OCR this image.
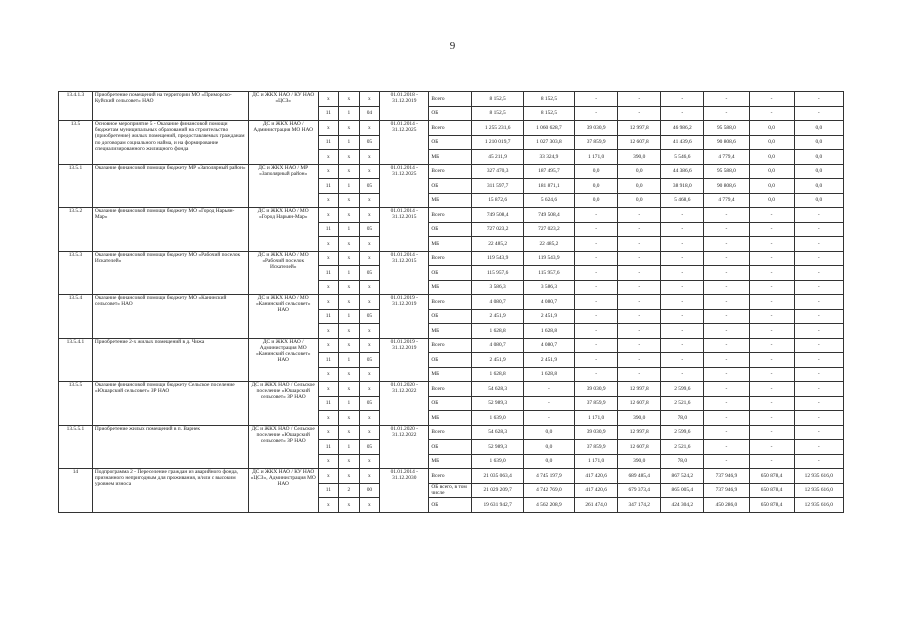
9
13.4.1.3	Приобретение помещений на территории МО «Приморско-Куйский сельсовет» НАО	ДС и ЖКХ НАО / КУ НАО «ЦСЗ»	x	x	x	01.01.2018 - 31.12.2019	Всего	8 152,5	8 152,5	-	-	-	-	-	-
			11	1	04		ОБ	8 152,5	8 152,5	-	-	-	-	-	-
13.5	Основное мероприятие 5 - Оказание финансовой помощи бюджетам муниципальных образований на строительство (приобретение) жилых помещений, предоставляемых гражданам по договорам социального найма, и на формирование специализированного жилищного фонда	ДС и ЖКХ НАО / Администрация МО НАО	x	x	x	01.01.2014 - 31.12.2025	Всего	1 255 231,6	1 060 628,7	39 030,9	12 997,8	46 986,2	95 588,0	0,0	0,0
			11	1	05		ОБ	1 210 019,7	1 027 303,8	37 859,9	12 607,8	41 439,6	90 808,6	0,0	0,0
			x	x	x		МБ	45 211,9	33 324,9	1 171,0	390,0	5 546,6	4 779,4	0,0	0,0
13.5.1	Оказание финансовой помощи бюджету МР «Заполярный район»	ДС и ЖКХ НАО / МР «Заполярный район»	x	x	x	01.01.2014 - 31.12.2025	Всего	327 470,3	187 495,7	0,0	0,0	44 386,6	95 588,0	0,0	0,0
			11	1	05		ОБ	311 597,7	181 871,1	0,0	0,0	38 918,0	90 808,6	0,0	0,0
			x	x	x		МБ	15 872,6	5 624,6	0,0	0,0	5 468,6	4 779,4	0,0	0,0
13.5.2	Оказание финансовой помощи бюджету МО «Город Нарьян-Мар»	ДС и ЖКХ НАО / МО «Город Нарьян-Мар»	x	x	x	01.01.2014 - 31.12.2015	Всего	749 508,4	749 508,4	-	-	-	-	-	-
			11	1	05		ОБ	727 023,2	727 023,2	-	-	-	-	-	-
			x	x	x		МБ	22 485,2	22 485,2	-	-	-	-	-	-
13.5.3	Оказание финансовой помощи бюджету МО «Рабочий поселок Искателей»	ДС и ЖКХ НАО / МО «Рабочий поселок Искателей»	x	x	x	01.01.2014 - 31.12.2015	Всего	119 543,9	119 543,9	-	-	-	-	-	-
			11	1	05		ОБ	115 957,6	115 957,6	-	-	-	-	-	-
			x	x	x		МБ	3 586,3	3 586,3	-	-	-	-	-	-
13.5.4	Оказание финансовой помощи бюджету МО «Канинский сельсовет» НАО	ДС и ЖКХ НАО / МО «Канинский сельсовет» НАО	x	x	x	01.01.2019 - 31.12.2019	Всего	4 080,7	4 080,7	-	-	-	-	-	-
			11	1	05		ОБ	2 451,9	2 451,9	-	-	-	-	-	-
			x	x	x		МБ	1 628,8	1 628,8	-	-	-	-	-	-
13.5.4.1	Приобретение 2-х жилых помещений в д. Чижа	ДС и ЖКХ НАО / Администрация МО «Канинский сельсовет» НАО	x	x	x	01.01.2019 - 31.12.2019	Всего	4 080,7	4 080,7	-	-	-	-	-	-
			11	1	05		ОБ	2 451,9	2 451,9	-	-	-	-	-	-
			x	x	x		МБ	1 628,8	1 628,8	-	-	-	-	-	-
13.5.5	Оказание финансовой помощи бюджету Сельское поселение «Юшарский сельсовет» ЗР НАО	ДС и ЖКХ НАО / Сельское поселение «Юшарский сельсовет» ЗР НАО	x	x	x	01.01.2020 - 31.12.2022	Всего	54 628,3	-	39 030,9	12 997,8	2 599,6	-	-	-
			11	1	05		ОБ	52 989,3	-	37 859,9	12 607,8	2 521,6	-	-	-
			x	x	x		МБ	1 639,0	-	1 171,0	390,0	78,0	-	-	-
13.5.5.1	Приобретение жилых помещений в п. Варнек	ДС и ЖКХ НАО / Сельское поселение «Юшарский сельсовет» ЗР НАО	x	x	x	01.01.2020 - 31.12.2022	Всего	54 628,3	0,0	39 030,9	12 997,8	2 599,6	-	-	-
			11	1	05		ОБ	52 989,3	0,0	37 859,9	12 607,8	2 521,6	-	-	-
			x	x	x		МБ	1 639,0	0,0	1 171,0	390,0	78,0	-	-	-
14	Подпрограмма 2 - Переселение граждан из аварийного фонда, признанного непригодным для проживания, и/или с высоким уровнем износа	ДС и ЖКХ НАО / КУ НАО «ЦСЗ», Администрация МО НАО	x	x	x	01.01.2014 - 31.12.2030	Всего	21 035 063,4	4 745 197,9	417 420,6	689 485,4	867 524,2	737 946,9	650 878,4	12 935 616,0
			11	2	00		ОБ всего, в том числе	21 029 209,7	4 742 769,0	417 420,6	679 373,4	865 005,4	737 946,9	650 878,4	12 935 616,0
			x	x	x		ОБ	19 631 942,7	4 562 208,9	261 474,0	347 174,2	424 304,2	450 286,0	650 878,4	12 935 616,0
